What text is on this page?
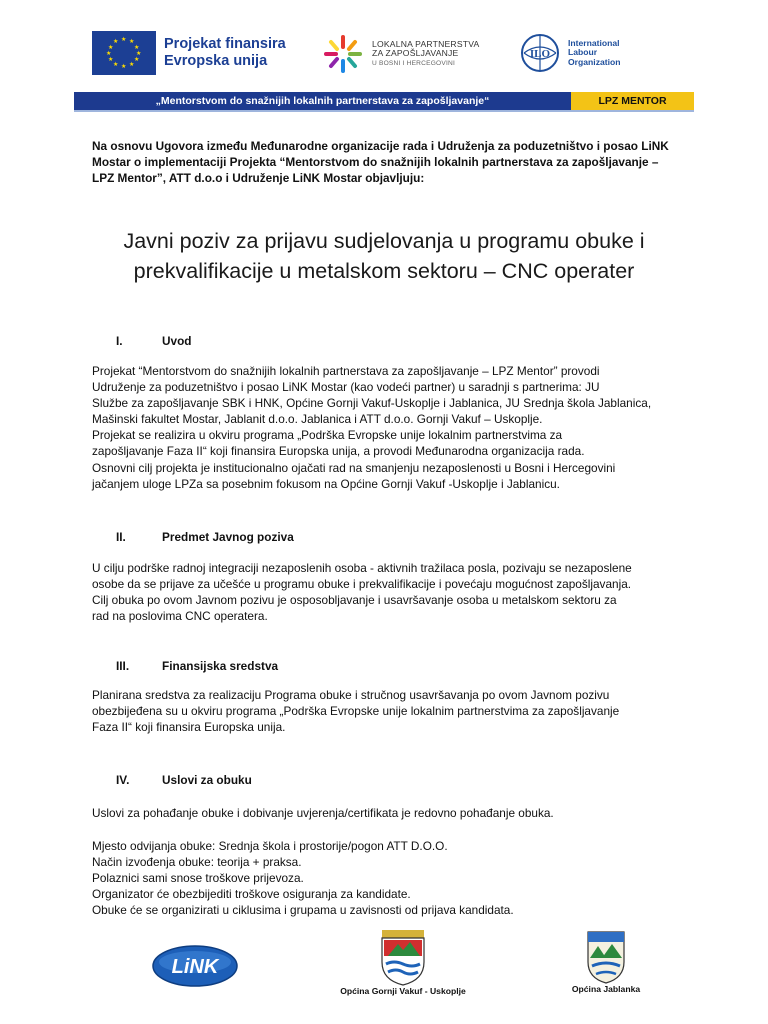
★ ★
★
★
★
★
★
★
★
★
★
★	Projekat finansira
Evropska unija
LOKALNA PARTNERSTVA
ZA ZAPOŠLJAVANJE
U BOSNI I HERCEGOVINI
ILO
International
Labour
Organization
„Mentorstvom do snažnijih lokalnih partnerstava za zapošljavanje“	LPZ MENTOR
Na osnovu Ugovora između Međunarodne organizacije rada i Udruženja za poduzetništvo i posao LiNK
Mostar o implementaciji Projekta “Mentorstvom do snažnijih lokalnih partnerstava za zapošljavanje –
LPZ Mentor”, ATT d.o.o i Udruženje LiNK Mostar objavljuju:

Javni poziv za prijavu sudjelovanja u programu obuke i

prekvalifikacije u metalskom sektoru – CNC operater

I.	Uvod
Projekat “Mentorstvom do snažnijih lokalnih partnerstava za zapošljavanje – LPZ Mentor” provodi
Udruženje za poduzetništvo i posao LiNK Mostar (kao vodeći partner) u saradnji s partnerima: JU
Službe za zapošljavanje SBK i HNK, Općine Gornji Vakuf-Uskoplje i Jablanica, JU Srednja škola Jablanica,
Mašinski fakultet Mostar, Jablanit d.o.o. Jablanica i ATT d.o.o. Gornji Vakuf – Uskoplje.
Projekat se realizira u okviru programa „Podrška Evropske unije lokalnim partnerstvima za
zapošljavanje Faza II“ koji finansira Europska unija, a provodi Međunarodna organizacija rada.
Osnovni cilj projekta je institucionalno ojačati rad na smanjenju nezaposlenosti u Bosni i Hercegovini
jačanjem uloge LPZa sa posebnim fokusom na Općine Gornji Vakuf -Uskoplje i Jablanicu.
II.	Predmet Javnog poziva
U cilju podrške radnoj integraciji nezaposlenih osoba - aktivnih tražilaca posla, pozivaju se nezaposlene
osobe da se prijave za učešće u programu obuke i prekvalifikacije i povećaju mogućnost zapošljavanja.
Cilj obuka po ovom Javnom pozivu je osposobljavanje i usavršavanje osoba u metalskom sektoru za
rad na poslovima CNC operatera.
III.	Finansijska sredstva
Planirana sredstva za realizaciju Programa obuke i stručnog usavršavanja po ovom Javnom pozivu
obezbijeđena su u okviru programa „Podrška Evropske unije lokalnim partnerstvima za zapošljavanje
Faza II“ koji finansira Europska unija.
IV.	Uslovi za obuku
Uslovi za pohađanje obuke i dobivanje uvjerenja/certifikata je redovno pohađanje obuka.
Mjesto odvijanja obuke: Srednja škola i prostorije/pogon ATT D.O.O.
Način izvođenja obuke: teorija + praksa.
Polaznici sami snose troškove prijevoza.
Organizator će obezbijediti troškove osiguranja za kandidate.
Obuke će se organizirati u ciklusima i grupama u zavisnosti od prijava kandidata.
LiNK
Općina Gornji Vakuf - Uskoplje	Općina Jablanka
